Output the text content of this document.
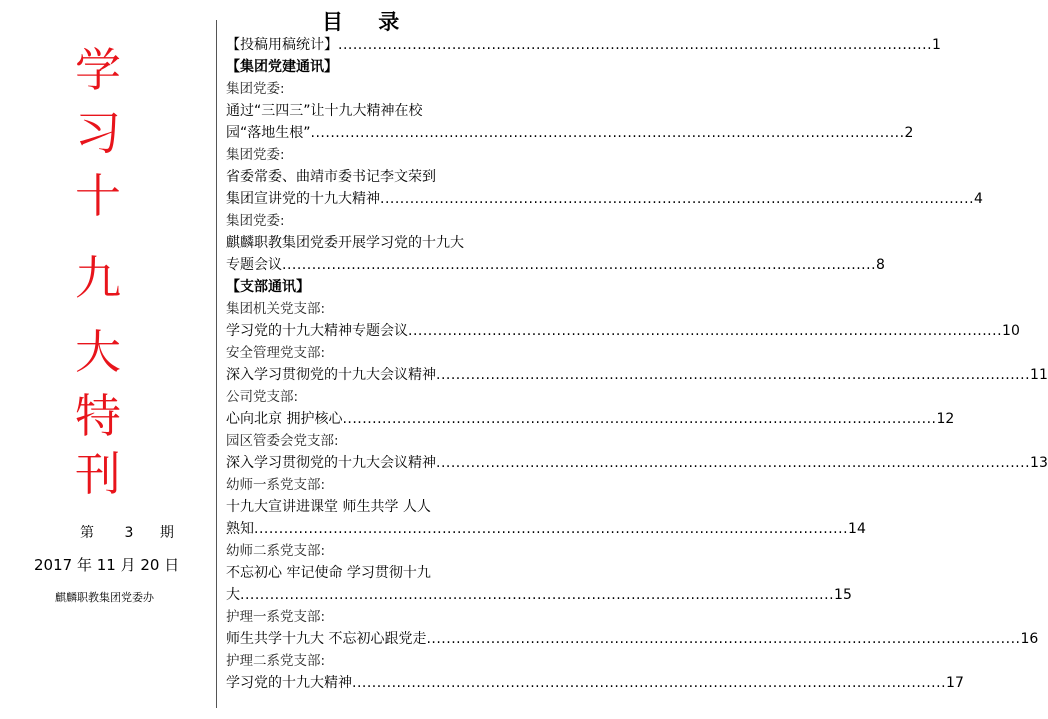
学
习
十
九
大
特
刊
第 3 期
2017 年 11 月 20 日
麒麟职教集团党委办
目 录
【投稿用稿统计】 ........................................................................................................................ 1
【集团党建通讯】
集团党委:
通过“三四三”让十九大精神在校
园“落地生根” ........................................................................................................................ 2
集团党委:
省委常委、曲靖市委书记李文荣到
集团宣讲党的十九大精神 ........................................................................................................................ 4
集团党委:
麒麟职教集团党委开展学习党的十九大
专题会议 ........................................................................................................................ 8
【支部通讯】
集团机关党支部:
学习党的十九大精神专题会议 ........................................................................................................................ 10
安全管理党支部:
深入学习贯彻党的十九大会议精神 ........................................................................................................................ 11
公司党支部:
心向北京 拥护核心 ........................................................................................................................ 12
园区管委会党支部:
深入学习贯彻党的十九大会议精神 ........................................................................................................................ 13
幼师一系党支部:
十九大宣讲进课堂 师生共学 人人
熟知 ........................................................................................................................ 14
幼师二系党支部:
不忘初心 牢记使命 学习贯彻十九
大 ........................................................................................................................ 15
护理一系党支部:
师生共学十九大 不忘初心跟党走 ........................................................................................................................ 16
护理二系党支部:
学习党的十九大精神 ........................................................................................................................ 17
